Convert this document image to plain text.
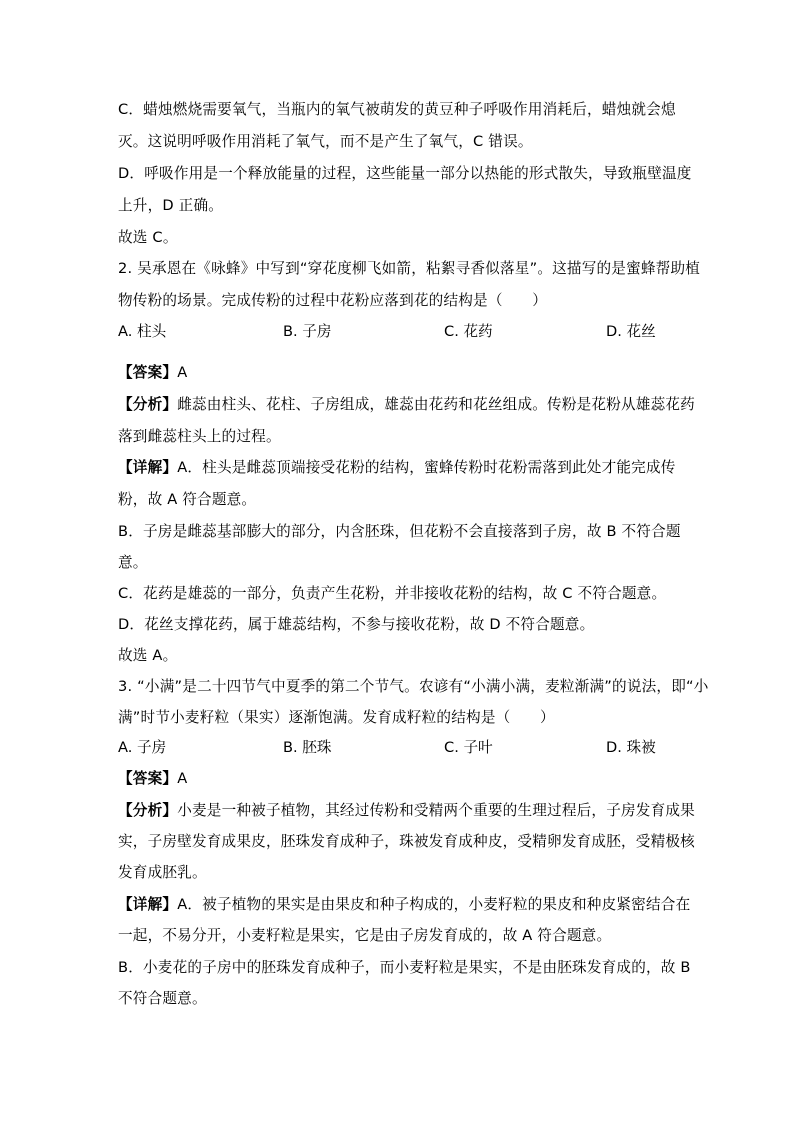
C．蜡烛燃烧需要氧气，当瓶内的氧气被萌发的黄豆种子呼吸作用消耗后，蜡烛就会熄
灭。这说明呼吸作用消耗了氧气，而不是产生了氧气，C 错误。
D．呼吸作用是一个释放能量的过程，这些能量一部分以热能的形式散失，导致瓶壁温度
上升，D 正确。
故选 C。
2. 吴承恩在《咏蜂》中写到“穿花度柳飞如箭，粘絮寻香似落星”。这描写的是蜜蜂帮助植
物传粉的场景。完成传粉的过程中花粉应落到花的结构是（　　）
A. 柱头	B. 子房	C. 花药	D. 花丝
【答案】A
【分析】雌蕊由柱头、花柱、子房组成，雄蕊由花药和花丝组成。传粉是花粉从雄蕊花药
落到雌蕊柱头上的过程。
【详解】A．柱头是雌蕊顶端接受花粉的结构，蜜蜂传粉时花粉需落到此处才能完成传
粉，故 A 符合题意。
B．子房是雌蕊基部膨大的部分，内含胚珠，但花粉不会直接落到子房，故 B 不符合题
意。
C．花药是雄蕊的一部分，负责产生花粉，并非接收花粉的结构，故 C 不符合题意。
D．花丝支撑花药，属于雄蕊结构，不参与接收花粉，故 D 不符合题意。
故选 A。
3. “小满”是二十四节气中夏季的第二个节气。农谚有“小满小满，麦粒渐满”的说法，即“小
满”时节小麦籽粒（果实）逐渐饱满。发育成籽粒的结构是（　　）
A. 子房	B. 胚珠	C. 子叶	D. 珠被
【答案】A
【分析】小麦是一种被子植物，其经过传粉和受精两个重要的生理过程后，子房发育成果
实，子房壁发育成果皮，胚珠发育成种子，珠被发育成种皮，受精卵发育成胚，受精极核
发育成胚乳。
【详解】A．被子植物的果实是由果皮和种子构成的，小麦籽粒的果皮和种皮紧密结合在
一起，不易分开，小麦籽粒是果实，它是由子房发育成的，故 A 符合题意。
B．小麦花的子房中的胚珠发育成种子，而小麦籽粒是果实，不是由胚珠发育成的，故 B
不符合题意。
